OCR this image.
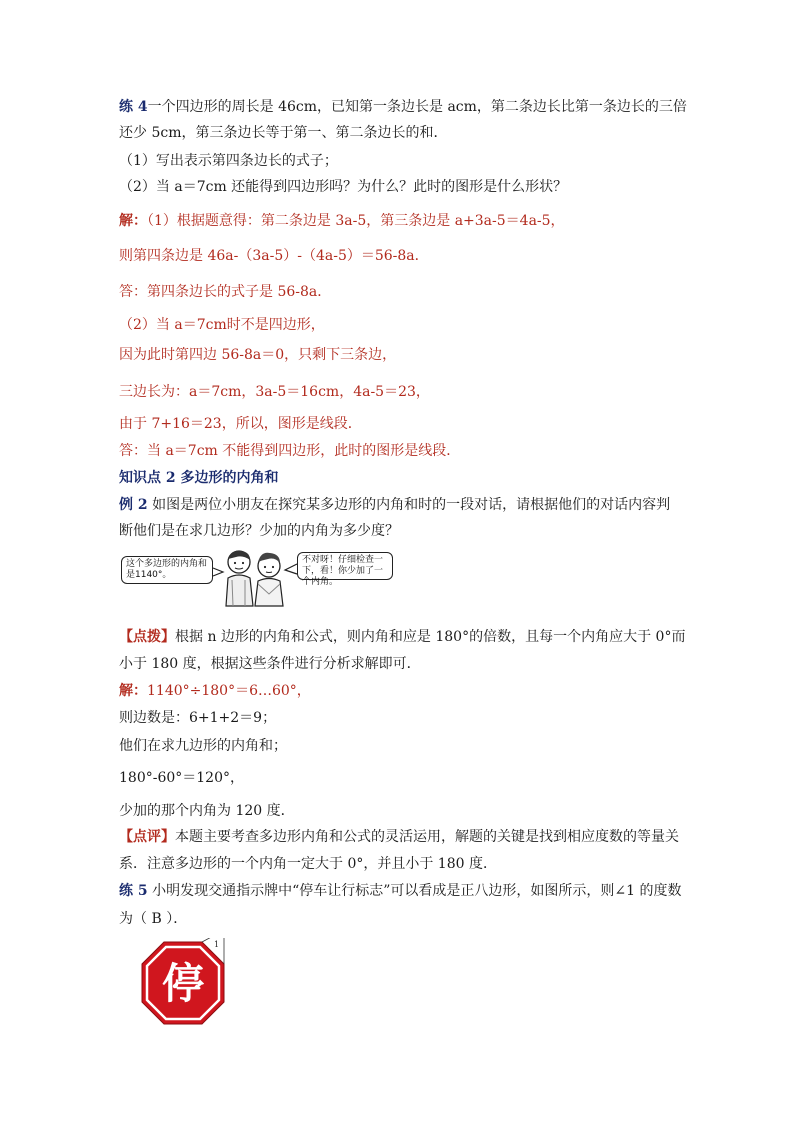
练 4一个四边形的周长是 46cm，已知第一条边长是 acm，第二条边长比第一条边长的三倍
还少 5cm，第三条边长等于第一、第二条边长的和．
（1）写出表示第四条边长的式子；
（2）当 a＝7cm 还能得到四边形吗？为什么？此时的图形是什么形状？
解：（1）根据题意得：第二条边是 3a-5，第三条边是 a+3a-5＝4a-5，
则第四条边是 46a-（3a-5）-（4a-5）＝56-8a．
答：第四条边长的式子是 56-8a．
（2）当 a＝7cm时不是四边形，
因为此时第四边 56-8a＝0，只剩下三条边，
三边长为：a＝7cm，3a-5＝16cm，4a-5＝23，
由于 7+16＝23，所以，图形是线段．
答：当 a＝7cm 不能得到四边形，此时的图形是线段．
知识点 2 多边形的内角和
例 2 如图是两位小朋友在探究某多边形的内角和时的一段对话，请根据他们的对话内容判
断他们是在求几边形？少加的内角为多少度？
这个多边形的内角和是1140°。
不对呀！仔细检查一下，看！你少加了一个内角。
【点拨】根据 n 边形的内角和公式，则内角和应是 180°的倍数，且每一个内角应大于 0°而
小于 180 度，根据这些条件进行分析求解即可．
解：1140°÷180°＝6…60°，
则边数是：6+1+2＝9；
他们在求九边形的内角和；
180°-60°＝120°，
少加的那个内角为 120 度．
【点评】本题主要考查多边形内角和公式的灵活运用，解题的关键是找到相应度数的等量关
系．注意多边形的一个内角一定大于 0°，并且小于 180 度．
练 5 小明发现交通指示牌中“停车让行标志”可以看成是正八边形，如图所示，则∠1 的度数
为（ B ）．
停
1
